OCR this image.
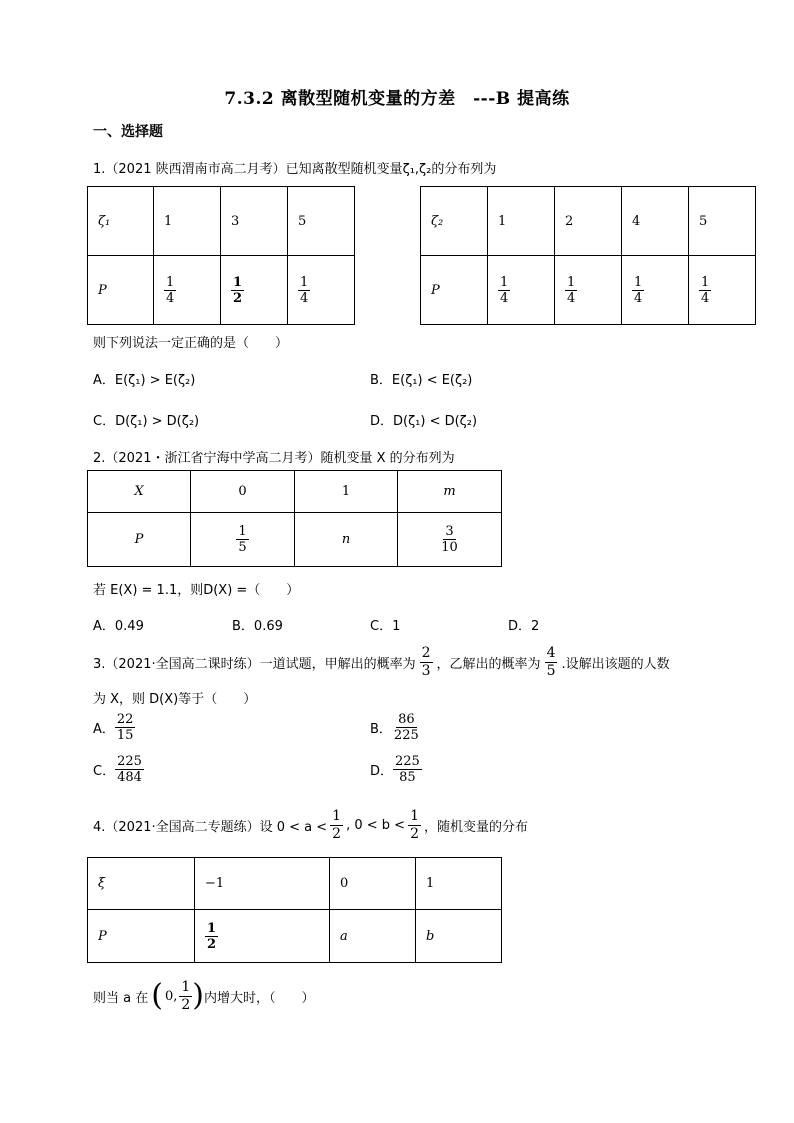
7.3.2 离散型随机变量的方差　---B 提高练
一、选择题
1.（2021 陕西渭南市高二月考）已知离散型随机变量ζ₁,ζ₂的分布列为
ζ₁	1	3	5
P	$\frac{1}{4}$	$\frac{1}{2}$	$\frac{1}{4}$
ζ₂	1	2	4	5
P	$\frac{1}{4}$	$\frac{1}{4}$	$\frac{1}{4}$	$\frac{1}{4}$
则下列说法一定正确的是（　　）
A．E(ζ₁) > E(ζ₂)	B．E(ζ₁) < E(ζ₂)
C．D(ζ₁) > D(ζ₂)	D．D(ζ₁) < D(ζ₂)
2.（2021・浙江省宁海中学高二月考）随机变量 X 的分布列为
X	0	1	m
P	$\frac{1}{5}$	n	$\frac{3}{10}$
若 E(X) = 1.1，则D(X) =（　　）
A．0.49	B．0.69	C．1	D．2
3.（2021·全国高二课时练）一道试题，甲解出的概率为 $\frac{2}{3}$ ，乙解出的概率为 $\frac{4}{5}$ .设解出该题的人数
为 X，则 D(X)等于（　　）
A． $\frac{22}{15}$	B． $\frac{86}{225}$
C． $\frac{225}{484}$	D． $\frac{225}{85}$
4.（2021·全国高二专题练）设 $0 < a < \frac{1}{2}$ , $0 < b < \frac{1}{2}$ ，随机变量的分布
ξ	−1	0	1
P	$\frac{1}{2}$	a	b
则当 a 在 ( 0, $\frac{1}{2}$ ) 内增大时，（　　）
